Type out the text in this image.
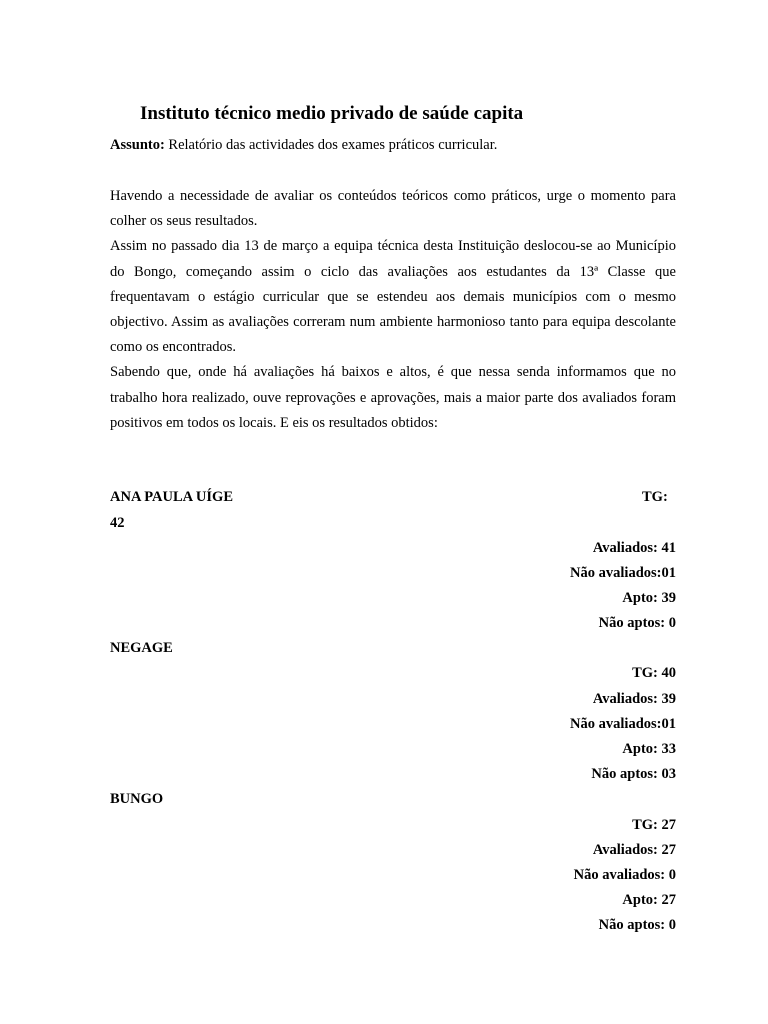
Instituto técnico medio privado de saúde capita
Assunto: Relatório das actividades dos exames práticos curricular.

Havendo a necessidade de avaliar os conteúdos teóricos como práticos, urge o momento para colher os seus resultados.

Assim no passado dia 13 de março a equipa técnica desta Instituição deslocou-se ao Município do Bongo, começando assim o ciclo das avaliações aos estudantes da 13ª Classe que frequentavam o estágio curricular que se estendeu aos demais municípios com o mesmo objectivo. Assim as avaliações correram num ambiente harmonioso tanto para equipa descolante como os encontrados.

Sabendo que, onde há avaliações há baixos e altos, é que nessa senda informamos que no trabalho hora realizado, ouve reprovações e aprovações, mais a maior parte dos avaliados foram positivos em todos os locais. E eis os resultados obtidos:

ANA PAULA UÍGE	TG:
42
Avaliados: 41
Não avaliados:01
Apto: 39
Não aptos: 0
NEGAGE
TG: 40
Avaliados: 39
Não avaliados:01
Apto: 33
Não aptos: 03
BUNGO
TG: 27
Avaliados: 27
Não avaliados: 0
Apto: 27
Não aptos: 0
